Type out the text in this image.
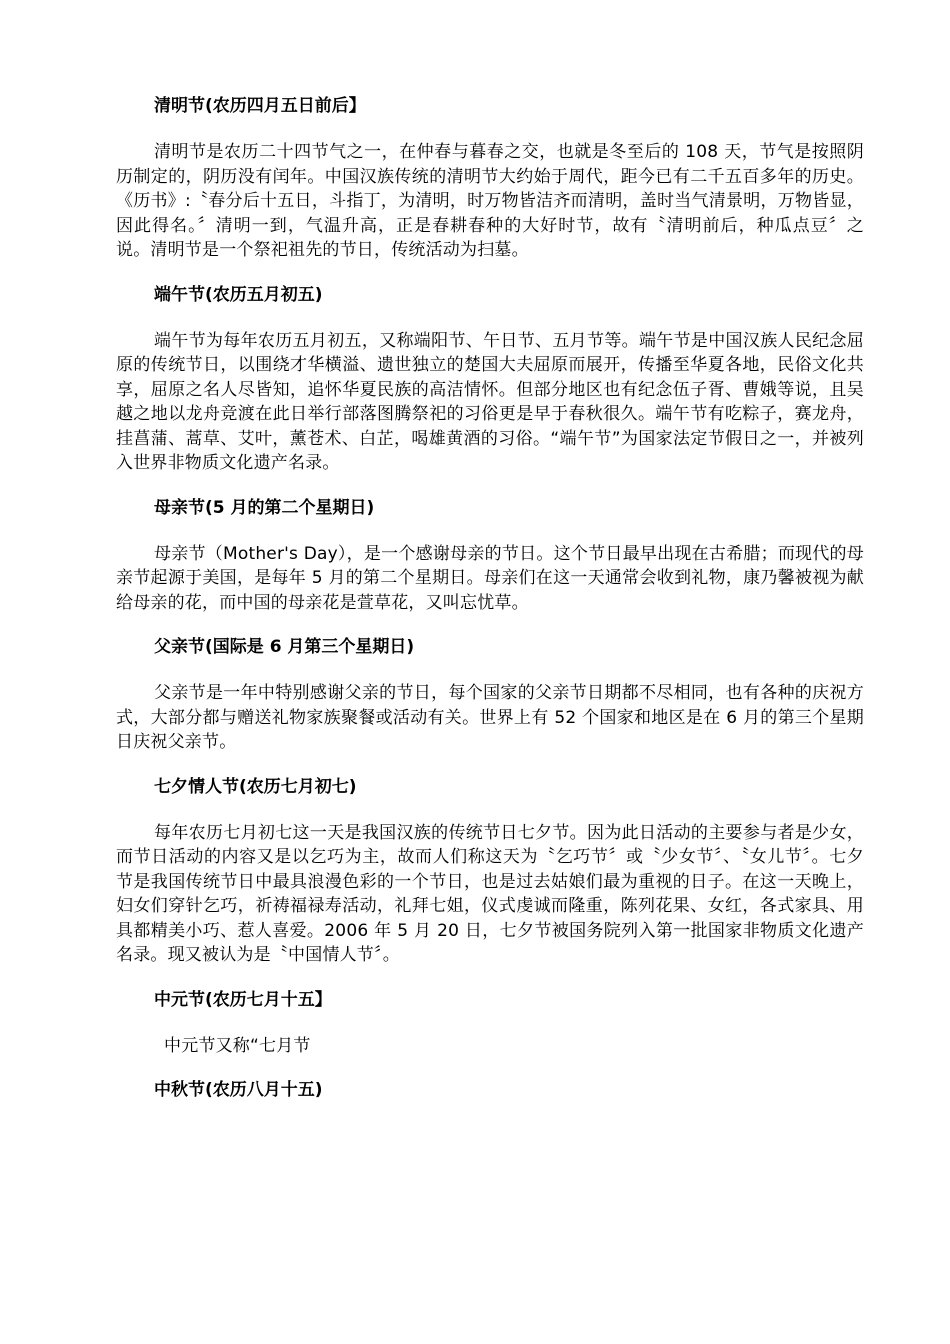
清明节(农历四月五日前后】

清明节是农历二十四节气之一，在仲春与暮春之交，也就是冬至后的 108 天，节气是按照阴历制定的，阴历没有闰年。中国汉族传统的清明节大约始于周代，距今已有二千五百多年的历史。《历书》:〝春分后十五日，斗指丁，为清明，时万物皆洁齐而清明，盖时当气清景明，万物皆显，因此得名。〞清明一到，气温升高，正是春耕春种的大好时节，故有〝清明前后，种瓜点豆〞之说。清明节是一个祭祀祖先的节日，传统活动为扫墓。

端午节(农历五月初五)

端午节为每年农历五月初五，又称端阳节、午日节、五月节等。端午节是中国汉族人民纪念屈原的传统节日，以围绕才华横溢、遗世独立的楚国大夫屈原而展开，传播至华夏各地，民俗文化共享，屈原之名人尽皆知，追怀华夏民族的高洁情怀。但部分地区也有纪念伍子胥、曹娥等说，且吴越之地以龙舟竞渡在此日举行部落图腾祭祀的习俗更是早于春秋很久。端午节有吃粽子，赛龙舟，挂菖蒲、蒿草、艾叶，薰苍术、白芷，喝雄黄酒的习俗。“端午节”为国家法定节假日之一，并被列入世界非物质文化遗产名录。

母亲节(5 月的第二个星期日)

母亲节（Mother's Day），是一个感谢母亲的节日。这个节日最早出现在古希腊；而现代的母亲节起源于美国，是每年 5 月的第二个星期日。母亲们在这一天通常会收到礼物，康乃馨被视为献给母亲的花，而中国的母亲花是萱草花，又叫忘忧草。

父亲节(国际是 6 月第三个星期日)

父亲节是一年中特别感谢父亲的节日，每个国家的父亲节日期都不尽相同，也有各种的庆祝方式，大部分都与赠送礼物家族聚餐或活动有关。世界上有 52 个国家和地区是在 6 月的第三个星期日庆祝父亲节。

七夕情人节(农历七月初七)

每年农历七月初七这一天是我国汉族的传统节日七夕节。因为此日活动的主要参与者是少女，而节日活动的内容又是以乞巧为主，故而人们称这天为〝乞巧节〞或〝少女节〞、〝女儿节〞。七夕节是我国传统节日中最具浪漫色彩的一个节日，也是过去姑娘们最为重视的日子。在这一天晚上，妇女们穿针乞巧，祈祷福禄寿活动，礼拜七姐，仪式虔诚而隆重，陈列花果、女红，各式家具、用具都精美小巧、惹人喜爱。2006 年 5 月 20 日，七夕节被国务院列入第一批国家非物质文化遗产名录。现又被认为是〝中国情人节〞。

中元节(农历七月十五】

中元节又称“七月节

中秋节(农历八月十五)
